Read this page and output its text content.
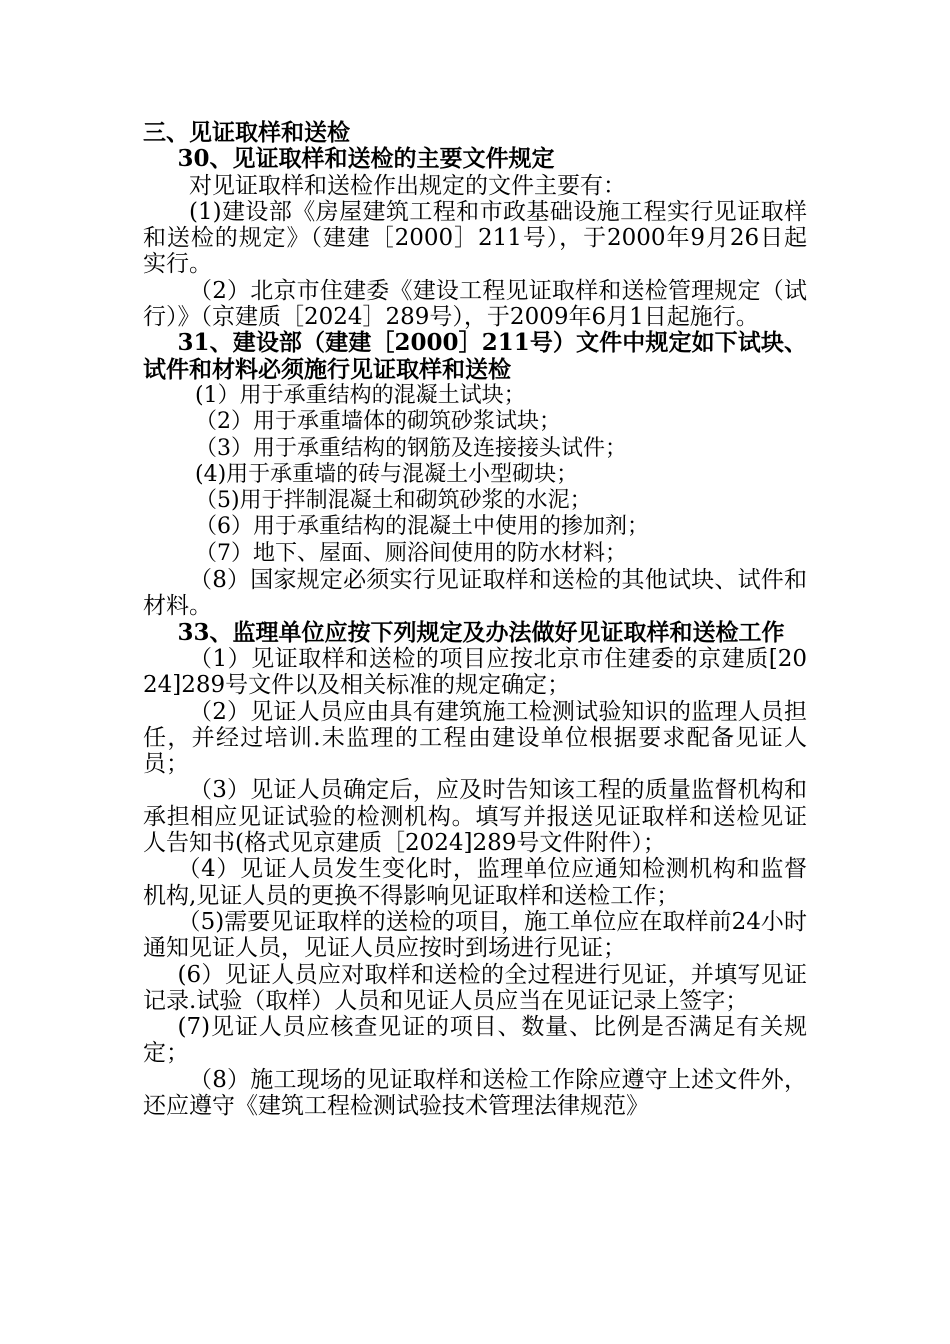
三、见证取样和送检

30、见证取样和送检的主要文件规定

对见证取样和送检作出规定的文件主要有：

(1)建设部《房屋建筑工程和市政基础设施工程实行见证取样和送检的规定》（建建［2000］211号），于2000年9月26日起实行。

（2）北京市住建委《建设工程见证取样和送检管理规定（试行）》（京建质［2024］289号），于2009年6月1日起施行。

31、建设部（建建［2000］211号）文件中规定如下试块、试件和材料必须施行见证取样和送检

(1）用于承重结构的混凝土试块；

（2）用于承重墙体的砌筑砂浆试块；

（3）用于承重结构的钢筋及连接接头试件；

(4)用于承重墙的砖与混凝土小型砌块；

（5)用于拌制混凝土和砌筑砂浆的水泥；

（6）用于承重结构的混凝土中使用的掺加剂；

（7）地下、屋面、厕浴间使用的防水材料；

（8）国家规定必须实行见证取样和送检的其他试块、试件和材料。

33、监理单位应按下列规定及办法做好见证取样和送检工作

（1）见证取样和送检的项目应按北京市住建委的京建质[2024]289号文件以及相关标准的规定确定；

（2）见证人员应由具有建筑施工检测试验知识的监理人员担任，并经过培训.未监理的工程由建设单位根据要求配备见证人员；

（3）见证人员确定后，应及时告知该工程的质量监督机构和承担相应见证试验的检测机构。填写并报送见证取样和送检见证人告知书(格式见京建质［2024]289号文件附件）；

（4）见证人员发生变化时，监理单位应通知检测机构和监督机构,见证人员的更换不得影响见证取样和送检工作；

（5)需要见证取样的送检的项目，施工单位应在取样前24小时通知见证人员，见证人员应按时到场进行见证；

(6）见证人员应对取样和送检的全过程进行见证，并填写见证记录.试验（取样）人员和见证人员应当在见证记录上签字；

(7)见证人员应核查见证的项目、数量、比例是否满足有关规定；

（8）施工现场的见证取样和送检工作除应遵守上述文件外，还应遵守《建筑工程检测试验技术管理法律规范》
